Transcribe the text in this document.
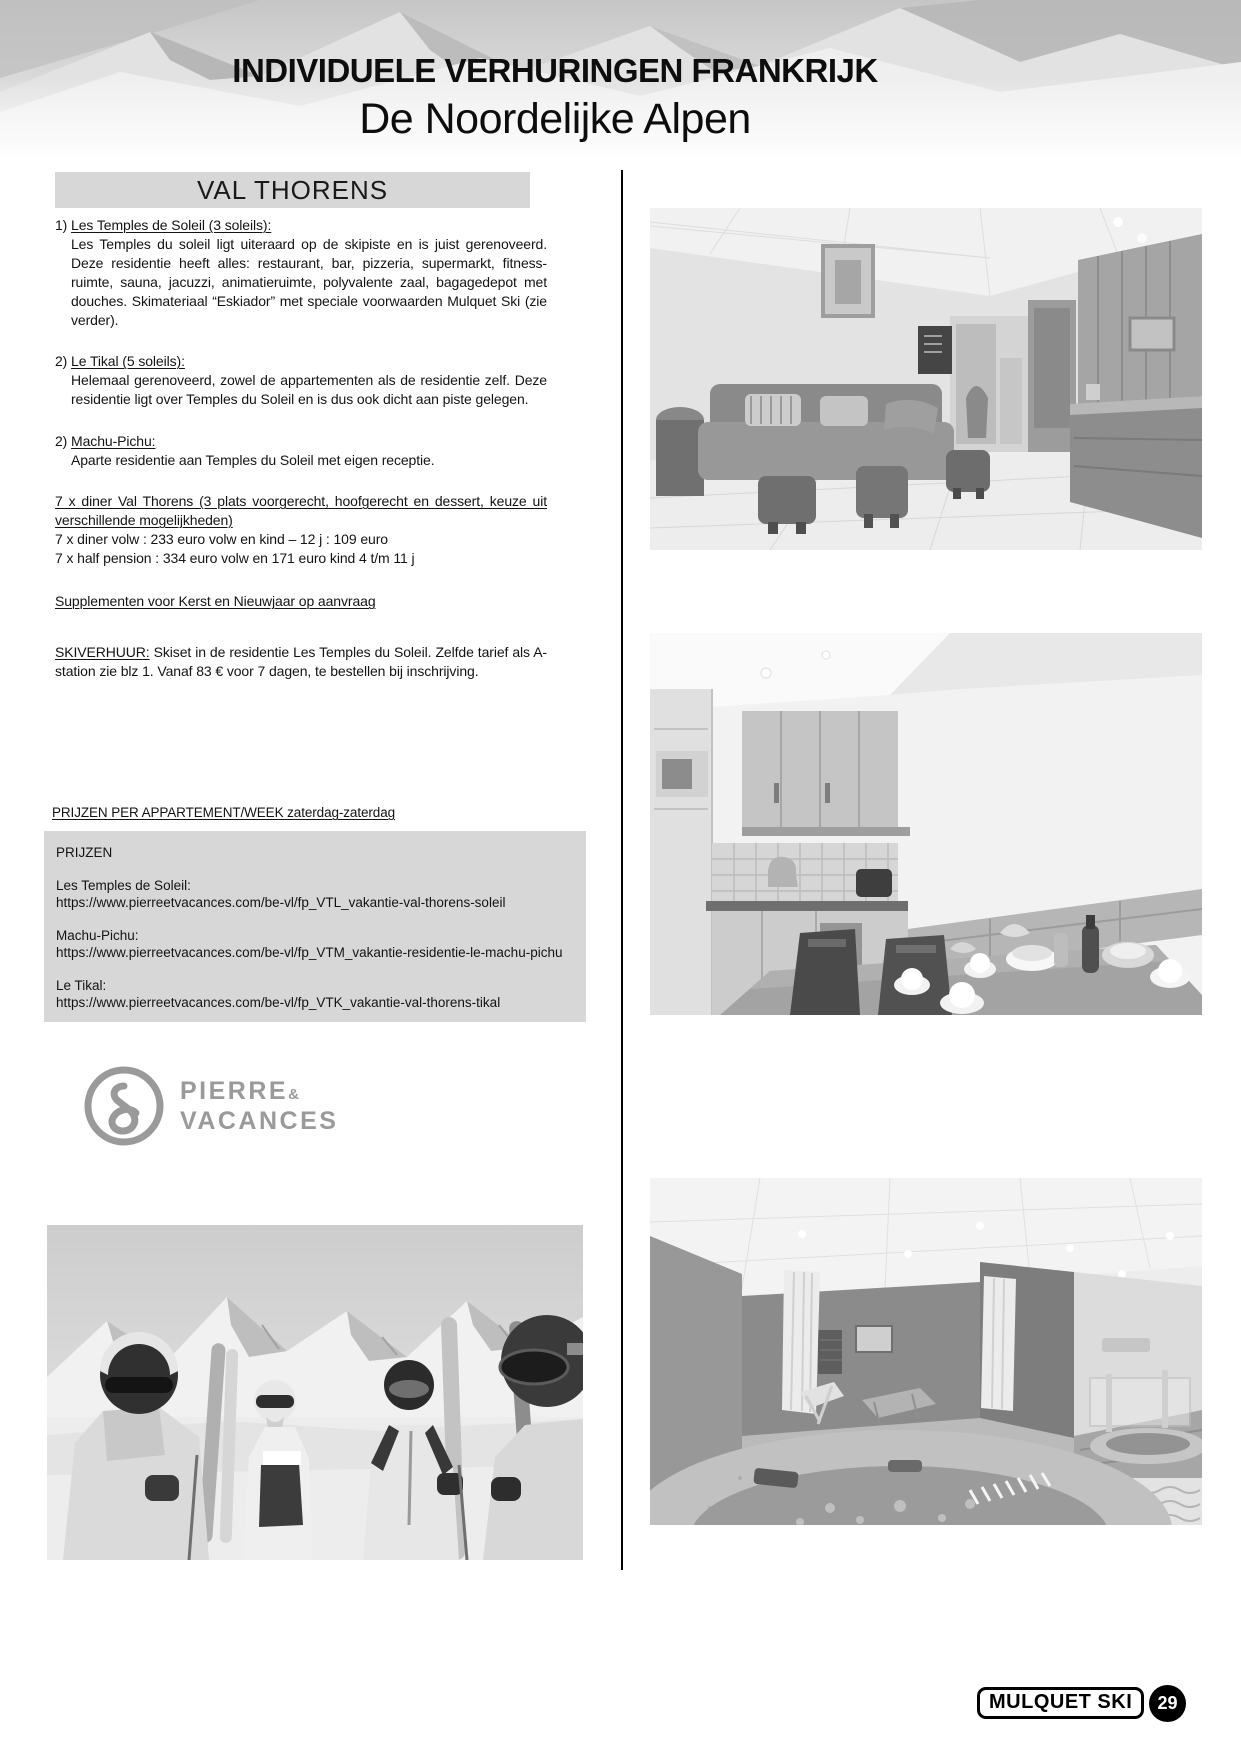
INDIVIDUELE VERHURINGEN FRANKRIJK
De Noordelijke Alpen
VAL THORENS
1) Les Temples de Soleil (3 soleils):

Les Temples du soleil ligt uiteraard op de skipiste en is juist gerenoveerd. Deze residentie heeft alles: restaurant, bar, pizzeria, supermarkt, fitness-ruimte, sauna, jacuzzi, animatieruimte, polyvalente zaal, bagagedepot met douches. Skimateriaal “Eskiador” met speciale voorwaarden Mulquet Ski (zie verder).

2) Le Tikal (5 soleils):

Helemaal gerenoveerd, zowel de appartementen als de residentie zelf. Deze residentie ligt over Temples du Soleil en is dus ook dicht aan piste gelegen.

2) Machu-Pichu:

Aparte residentie aan Temples du Soleil met eigen receptie.

7 x diner Val Thorens (3 plats voorgerecht, hoofgerecht en dessert, keuze uit verschillende mogelijkheden)

7 x diner volw : 233 euro volw en kind – 12 j : 109 euro

7 x half pension : 334 euro volw en 171 euro kind 4 t/m 11 j

Supplementen voor Kerst en Nieuwjaar op aanvraag

SKIVERHUUR: Skiset in de residentie Les Temples du Soleil. Zelfde tarief als A-station zie blz 1. Vanaf 83 € voor 7 dagen, te bestellen bij inschrijving.

PRIJZEN PER APPARTEMENT/WEEK zaterdag-zaterdag
PRIJZEN

Les Temples de Soleil:

https://www.pierreetvacances.com/be-vl/fp_VTL_vakantie-val-thorens-soleil

Machu-Pichu:

https://www.pierreetvacances.com/be-vl/fp_VTM_vakantie-residentie-le-machu-pichu

Le Tikal:

https://www.pierreetvacances.com/be-vl/fp_VTK_vakantie-val-thorens-tikal

PIERRE&
VACANCES
MULQUET SKI	29
